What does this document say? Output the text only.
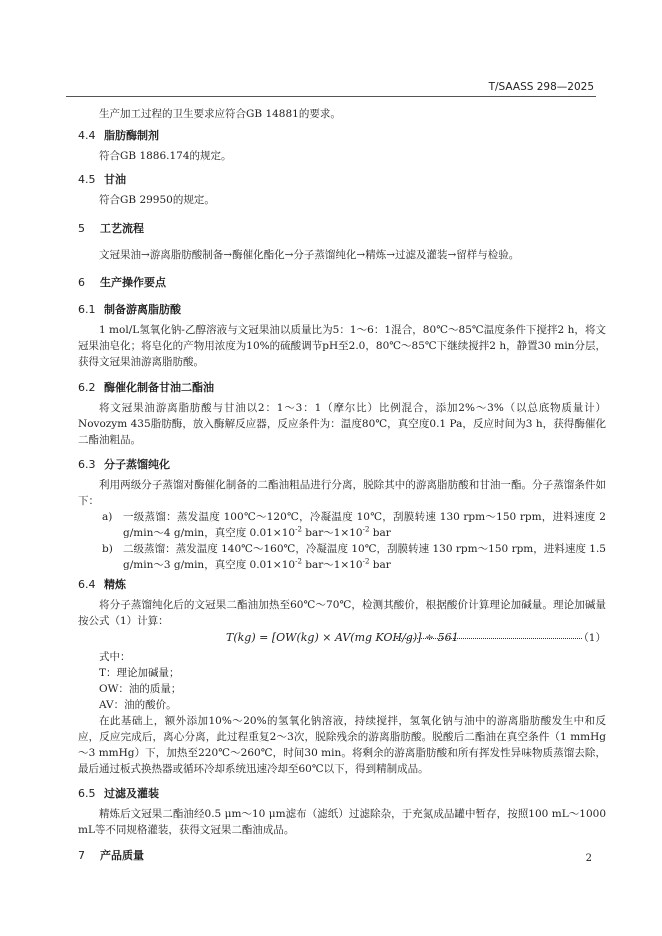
T/SAASS 298—2025

生产加工过程的卫生要求应符合GB 14881的要求。

4.4 脂肪酶制剂

符合GB 1886.174的规定。

4.5 甘油

符合GB 29950的规定。

5 工艺流程

文冠果油→游离脂肪酸制备→酶催化酯化→分子蒸馏纯化→精炼→过滤及灌装→留样与检验。

6 生产操作要点
6.1 制备游离脂肪酸

1 mol/L氢氧化钠-乙醇溶液与文冠果油以质量比为5：1～6：1混合，80℃～85℃温度条件下搅拌2 h，将文冠果油皂化；将皂化的产物用浓度为10%的硫酸调节pH至2.0，80℃～85℃下继续搅拌2 h，静置30 min分层，获得文冠果油游离脂肪酸。

6.2 酶催化制备甘油二酯油

将文冠果油游离脂肪酸与甘油以2：1～3：1（摩尔比）比例混合，添加2%～3%（以总底物质量计）Novozym 435脂肪酶，放入酶解反应器，反应条件为：温度80℃，真空度0.1 Pa，反应时间为3 h，获得酶催化二酯油粗品。

6.3 分子蒸馏纯化

利用两级分子蒸馏对酶催化制备的二酯油粗品进行分离，脱除其中的游离脂肪酸和甘油一酯。分子蒸馏条件如下：

a)	一级蒸馏：蒸发温度 100℃～120℃，冷凝温度 10℃，刮膜转速 130 rpm～150 rpm，进料速度 2 g/min～4 g/min，真空度 $0.01\times 10^{-2}$ $bar\sim 1\times 10^{-2}$ bar
b) 二级蒸馏：蒸发温度 140℃～160℃，冷凝温度 10℃，刮膜转速 130 rpm～150 rpm，进料速度 1.5 g/min～3 g/min，真空度 $0.01\times 10^{-2}$ $bar\sim 1\times 10^{-2}$ bar
6.4 精炼

将分子蒸馏纯化后的文冠果二酯油加热至60℃～70℃，检测其酸价，根据酸价计算理论加碱量。理论加碱量按公式（1）计算：

T(kg) = [OW(kg) × AV(mg KOH/g)] ÷ 561	（1）

式中：

T：理论加碱量；

OW：油的质量；

AV：油的酸价。

在此基础上，额外添加10%～20%的氢氧化钠溶液，持续搅拌，氢氧化钠与油中的游离脂肪酸发生中和反应，反应完成后，离心分离，此过程重复2～3次，脱除残余的游离脂肪酸。脱酸后二酯油在真空条件（1 mmHg～3 mmHg）下，加热至220℃～260℃，时间30 min。将剩余的游离脂肪酸和所有挥发性异味物质蒸馏去除，最后通过板式换热器或循环冷却系统迅速冷却至60℃以下，得到精制成品。

6.5 过滤及灌装

精炼后文冠果二酯油经0.5 μm～10 μm滤布（滤纸）过滤除杂，于充氮成品罐中暂存，按照100 mL～1000 mL等不同规格灌装，获得文冠果二酯油成品。

7 产品质量	2
